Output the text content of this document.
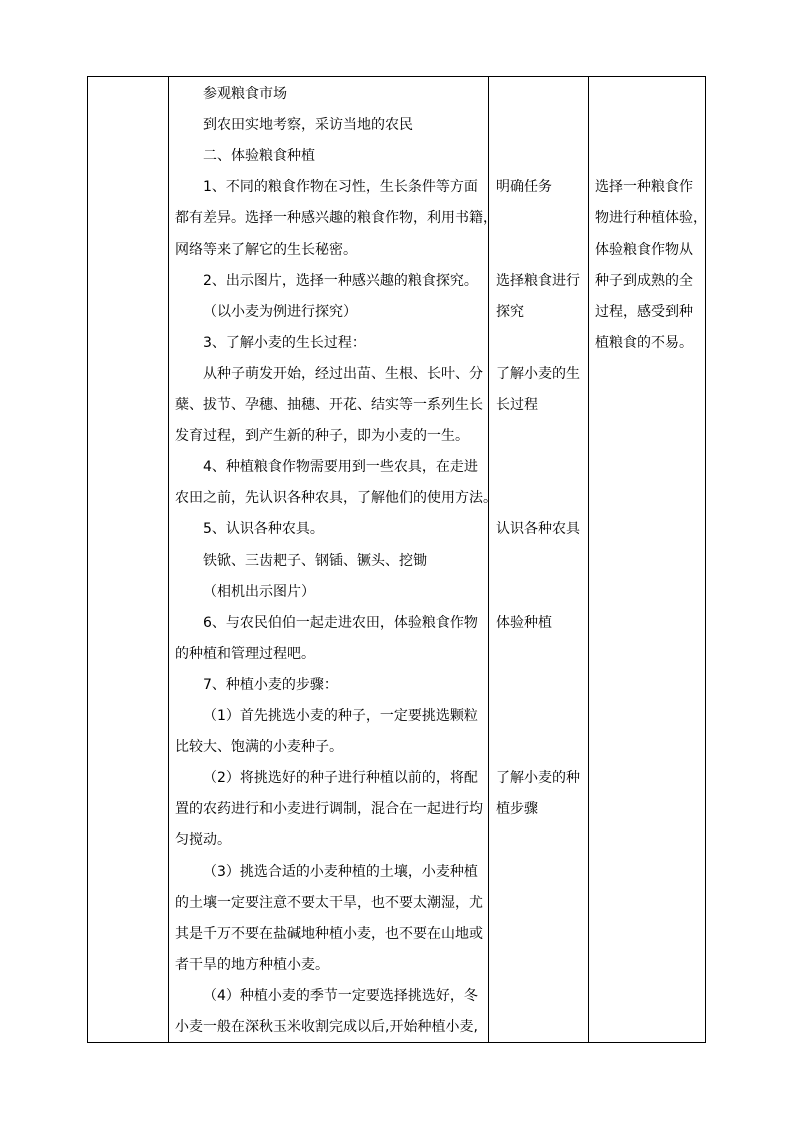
参观粮食市场
到农田实地考察，采访当地的农民
二、体验粮食种植
1、不同的粮食作物在习性，生长条件等方面
都有差异。选择一种感兴趣的粮食作物，利用书籍，
网络等来了解它的生长秘密。
2、出示图片，选择一种感兴趣的粮食探究。
（以小麦为例进行探究）
3、了解小麦的生长过程：
从种子萌发开始，经过出苗、生根、长叶、分
蘖、拔节、孕穗、抽穗、开花、结实等一系列生长
发育过程，到产生新的种子，即为小麦的一生。
4、种植粮食作物需要用到一些农具，在走进
农田之前，先认识各种农具，了解他们的使用方法。
5、认识各种农具。
铁锨、三齿耙子、钢锸、镢头、挖锄
（相机出示图片）
6、与农民伯伯一起走进农田，体验粮食作物
的种植和管理过程吧。
7、种植小麦的步骤：
（1）首先挑选小麦的种子，一定要挑选颗粒
比较大、饱满的小麦种子。
（2）将挑选好的种子进行种植以前的，将配
置的农药进行和小麦进行调制，混合在一起进行均
匀搅动。
（3）挑选合适的小麦种植的土壤，小麦种植
的土壤一定要注意不要太干旱，也不要太潮湿，尤
其是千万不要在盐碱地种植小麦，也不要在山地或
者干旱的地方种植小麦。
（4）种植小麦的季节一定要选择挑选好，冬
小麦一般在深秋玉米收割完成以后,开始种植小麦,
明确任务
选择粮食进行
探究
了解小麦的生
长过程
认识各种农具
体验种植
了解小麦的种
植步骤
选择一种粮食作
物进行种植体验，
体验粮食作物从
种子到成熟的全
过程，感受到种
植粮食的不易。
